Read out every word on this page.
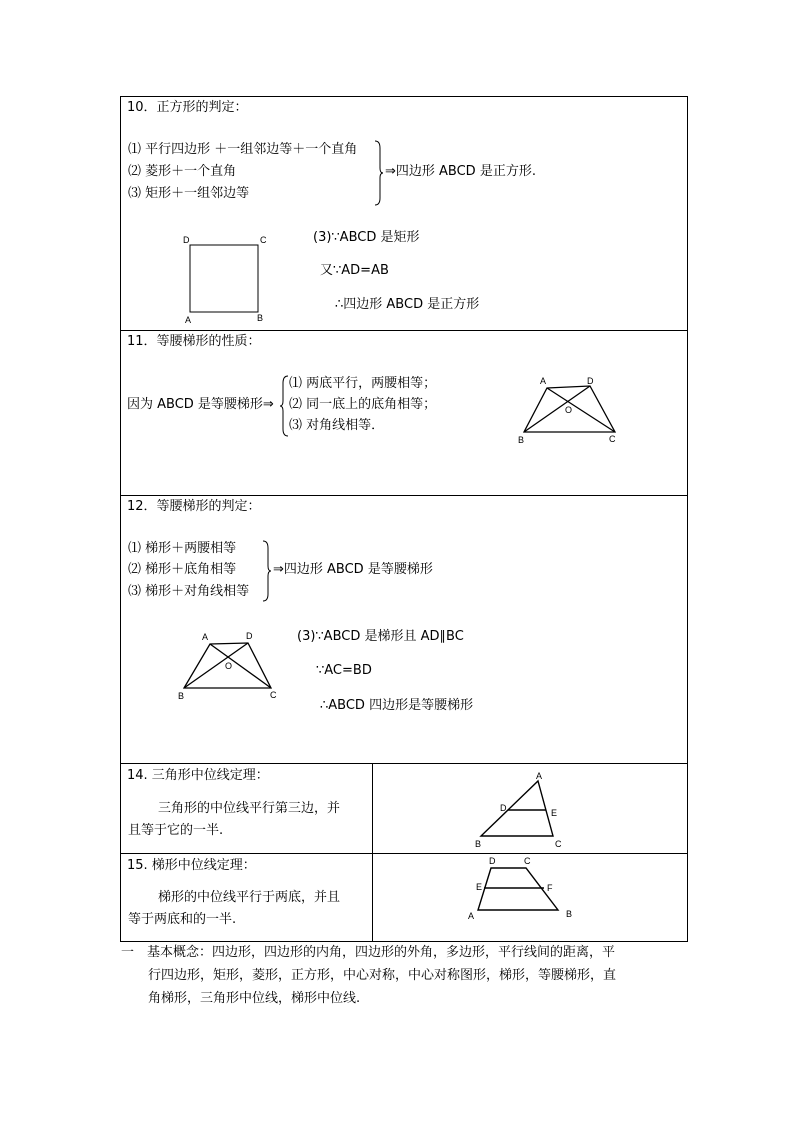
10．正方形的判定：
⑴ 平行四边形 ＋一组邻边等＋一个直角
⑵ 菱形＋一个直角
⑶ 矩形＋一组邻边等
⇒四边形 ABCD 是正方形.
D	C
A	B
(3)∵ABCD 是矩形
又∵AD=AB
∴四边形 ABCD 是正方形
11．等腰梯形的性质：
因为 ABCD 是等腰梯形⇒
⑴ 两底平行，两腰相等；
⑵ 同一底上的底角相等；
⑶ 对角线相等．
A	D
O
B	C
12．等腰梯形的判定：
⑴ 梯形＋两腰相等
⑵ 梯形＋底角相等
⑶ 梯形＋对角线相等
⇒四边形 ABCD 是等腰梯形
A	D
O
B	C
(3)∵ABCD 是梯形且 AD∥BC
∵AC=BD
∴ABCD 四边形是等腰梯形
14. 三角形中位线定理：
三角形的中位线平行第三边，并
且等于它的一半.
A
D	E
B	C
15. 梯形中位线定理：
梯形的中位线平行于两底，并且
等于两底和的一半.
D	C
E	F
A	B
一　基本概念：四边形，四边形的内角，四边形的外角，多边形，平行线间的距离，平
行四边形，矩形，菱形，正方形，中心对称，中心对称图形，梯形，等腰梯形，直
角梯形，三角形中位线，梯形中位线.
